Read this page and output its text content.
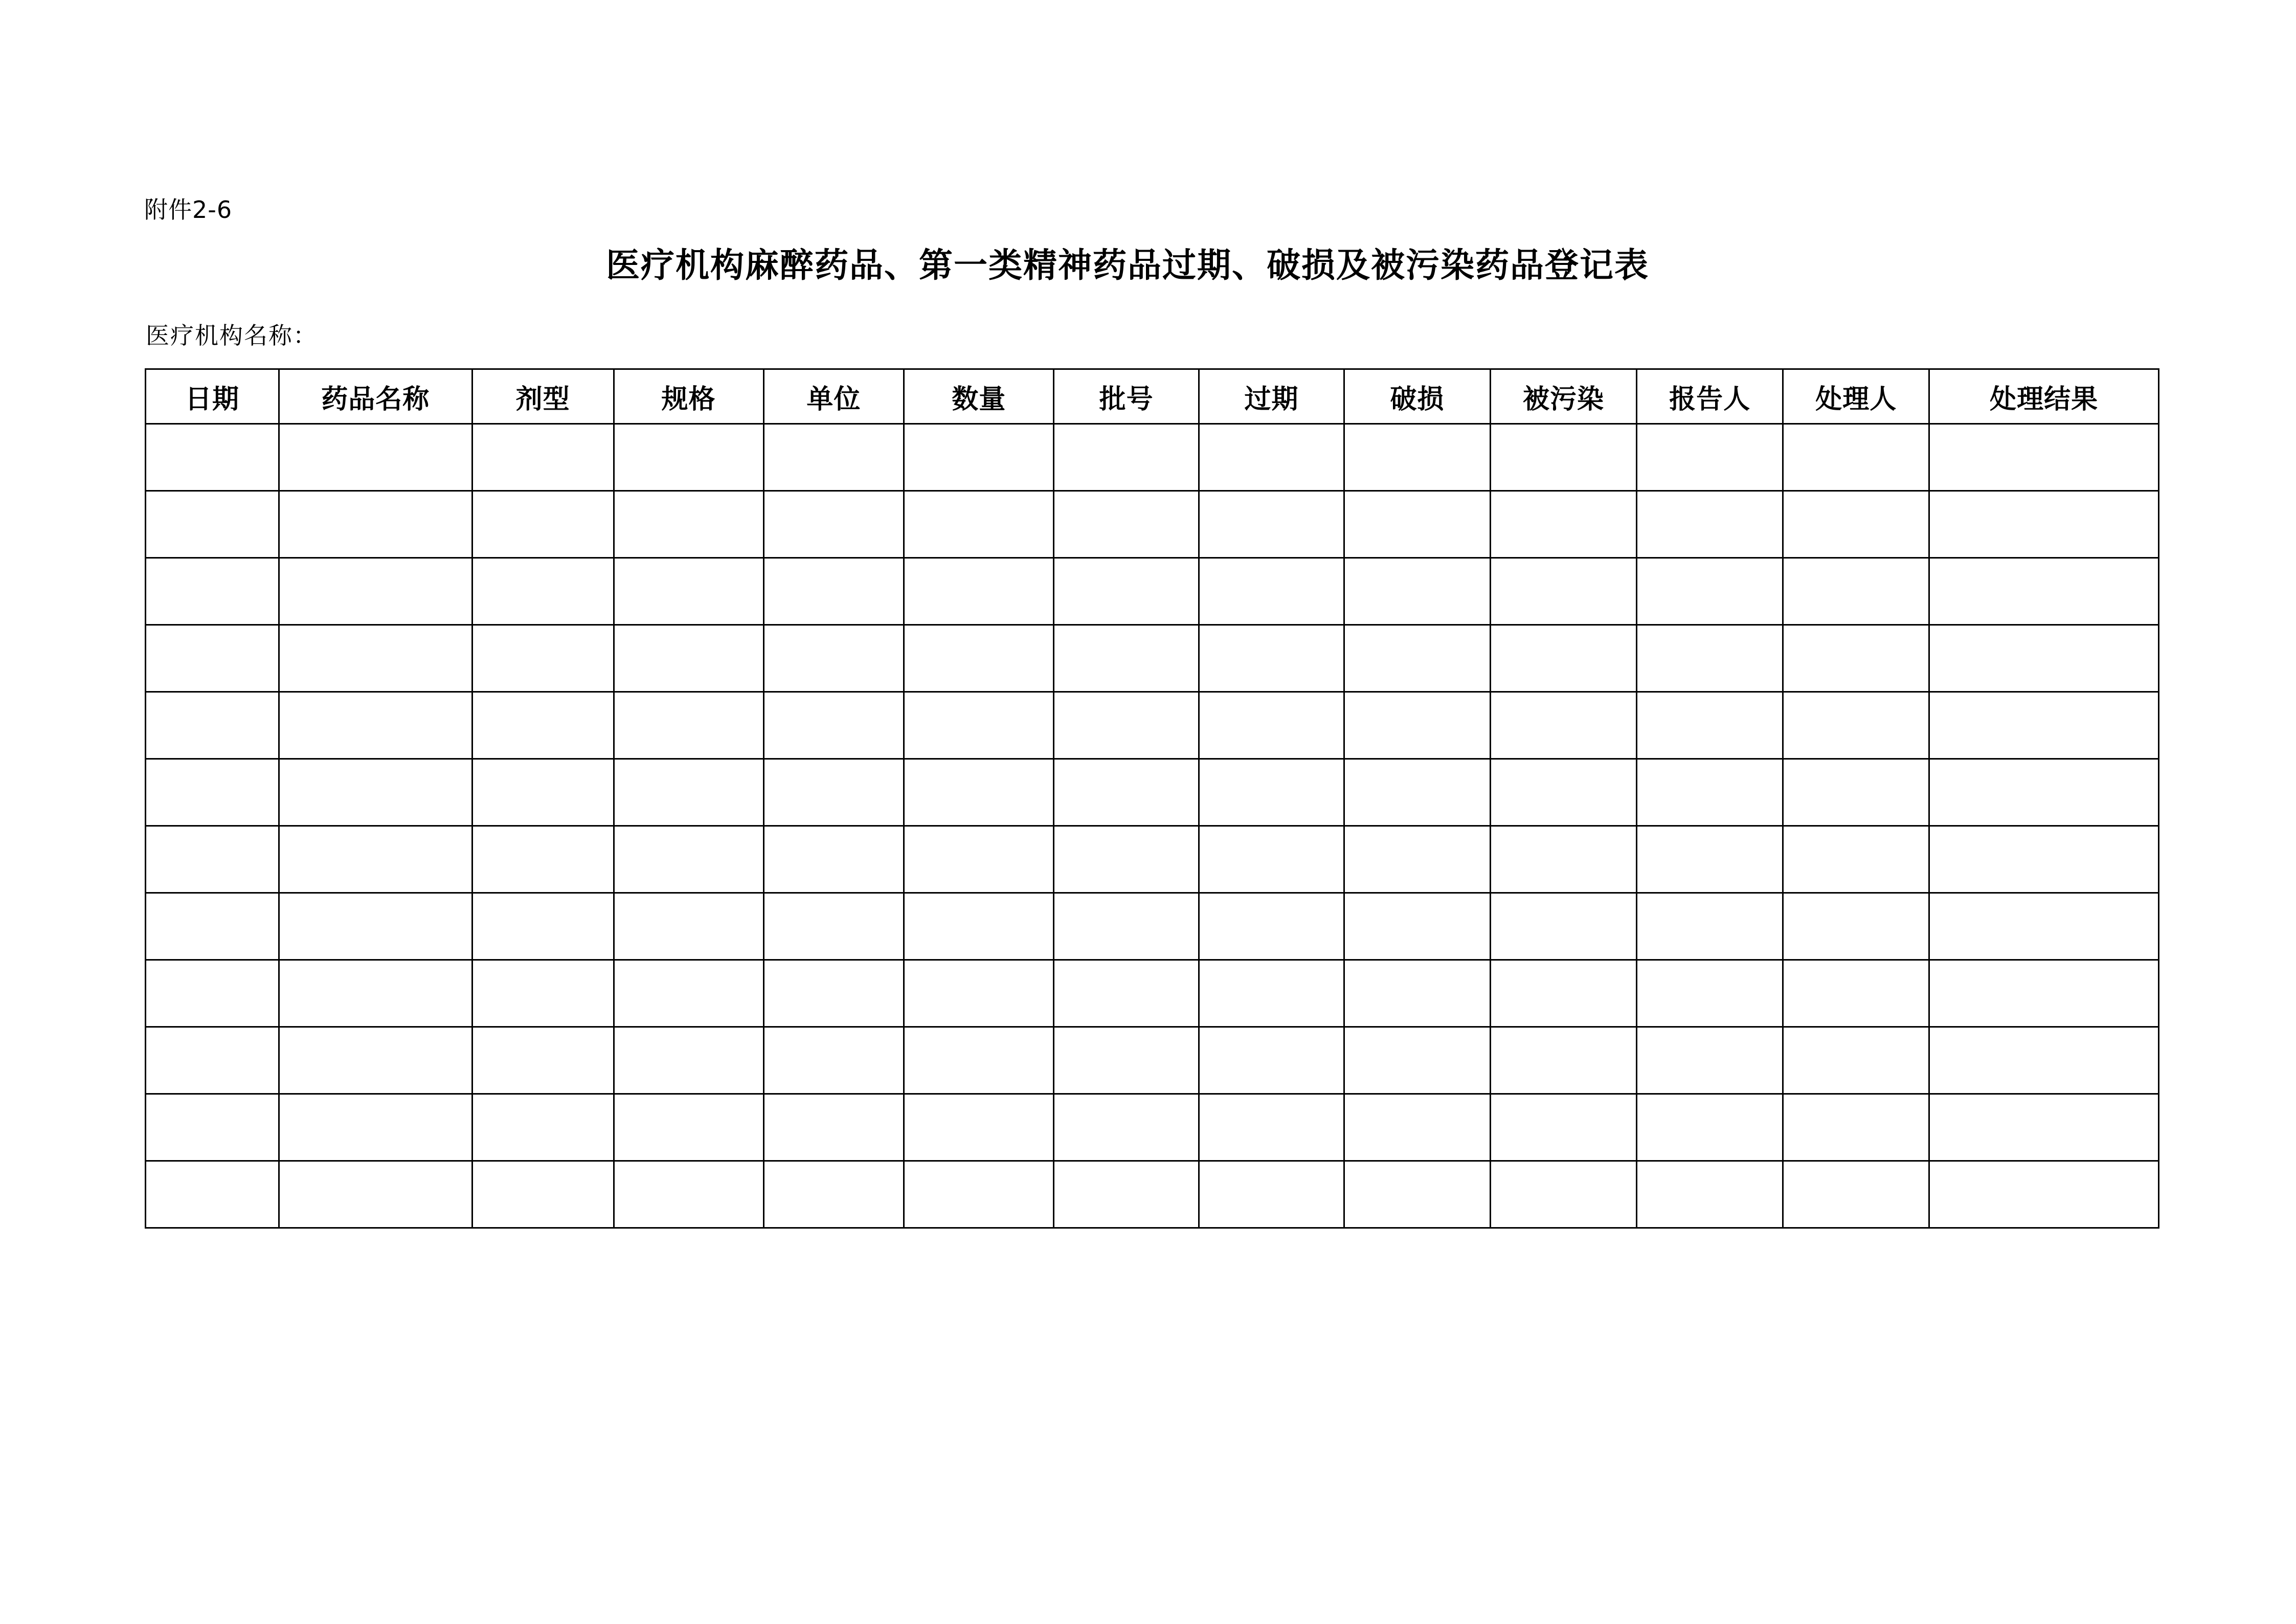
附件2-6
医疗机构麻醉药品、第一类精神药品过期、破损及被污染药品登记表
医疗机构名称：
日期	药品名称	剂型	规格	单位	数量	批号	过期	破损	被污染	报告人	处理人	处理结果
